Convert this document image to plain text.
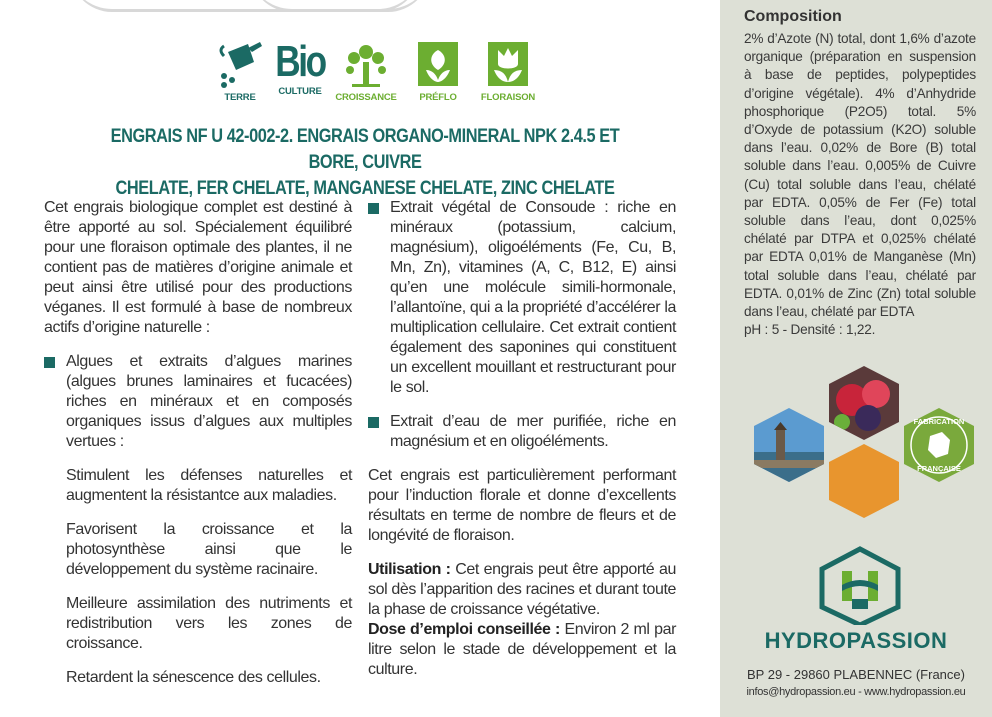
TERRE
Bio
CULTURE
CROISSANCE	PRÉFLO	FLORAISON
ENGRAIS NF U 42-002-2. ENGRAIS ORGANO-MINERAL NPK 2.4.5 ET BORE, CUIVRE
CHELATE, FER CHELATE, MANGANESE CHELATE, ZINC CHELATE

Cet engrais biologique complet est destiné à être apporté au sol. Spécialement équilibré pour une floraison optimale des plantes, il ne contient pas de matières d’origine animale et peut ainsi être utilisé pour des productions véganes. Il est formulé à base de nombreux actifs d’origine naturelle :

Algues et extraits d’algues marines (algues brunes laminaires et fucacées) riches en minéraux et en composés organiques issus d’algues aux multiples vertues :

Stimulent les défenses naturelles et augmentent la résistantce aux maladies.

Favorisent la croissance et la photosynthèse ainsi que le développement du système racinaire.

Meilleure assimilation des nutriments et redistribution vers les zones de croissance.

Retardent la sénescence des cellules.

Extrait végétal de Consoude : riche en minéraux (potassium, calcium, magnésium), oligoéléments (Fe, Cu, B, Mn, Zn), vitamines (A, C, B12, E) ainsi qu’en une molécule simili-hormonale, l’allantoïne, qui a la propriété d’accélérer la multiplication cellulaire. Cet extrait contient également des saponines qui constituent un excellent mouillant et restructurant pour le sol.
Extrait d’eau de mer purifiée, riche en magnésium et en oligoéléments.

Cet engrais est particulièrement performant pour l’induction florale et donne d’excellents résultats en terme de nombre de fleurs et de longévité de floraison.

Utilisation : Cet engrais peut être apporté au sol dès l’apparition des racines et durant toute la phase de croissance végétative.

Dose d’emploi conseillée : Environ 2 ml par litre selon le stade de développement et la culture.

Composition
2% d’Azote (N) total, dont 1,6% d’azote organique (préparation en suspension à base de peptides, polypeptides d’origine végétale). 4% d’Anhydride phosphorique (P2O5) total. 5% d’Oxyde de potassium (K2O) soluble dans l’eau. 0,02% de Bore (B) total soluble dans l’eau. 0,005% de Cuivre (Cu) total soluble dans l’eau, chélaté par EDTA. 0,05% de Fer (Fe) total soluble dans l’eau, dont 0,025% chélaté par DTPA et 0,025% chélaté par EDTA 0,01% de Manganèse (Mn) total soluble dans l’eau, chélaté par EDTA. 0,01% de Zinc (Zn) total soluble dans l’eau, chélaté par EDTA
pH : 5 - Densité : 1,22.
FABRICATION
FRANÇAISE
HYDROPASSION
BP 29 - 29860 PLABENNEC (France)
infos@hydropassion.eu - www.hydropassion.eu
